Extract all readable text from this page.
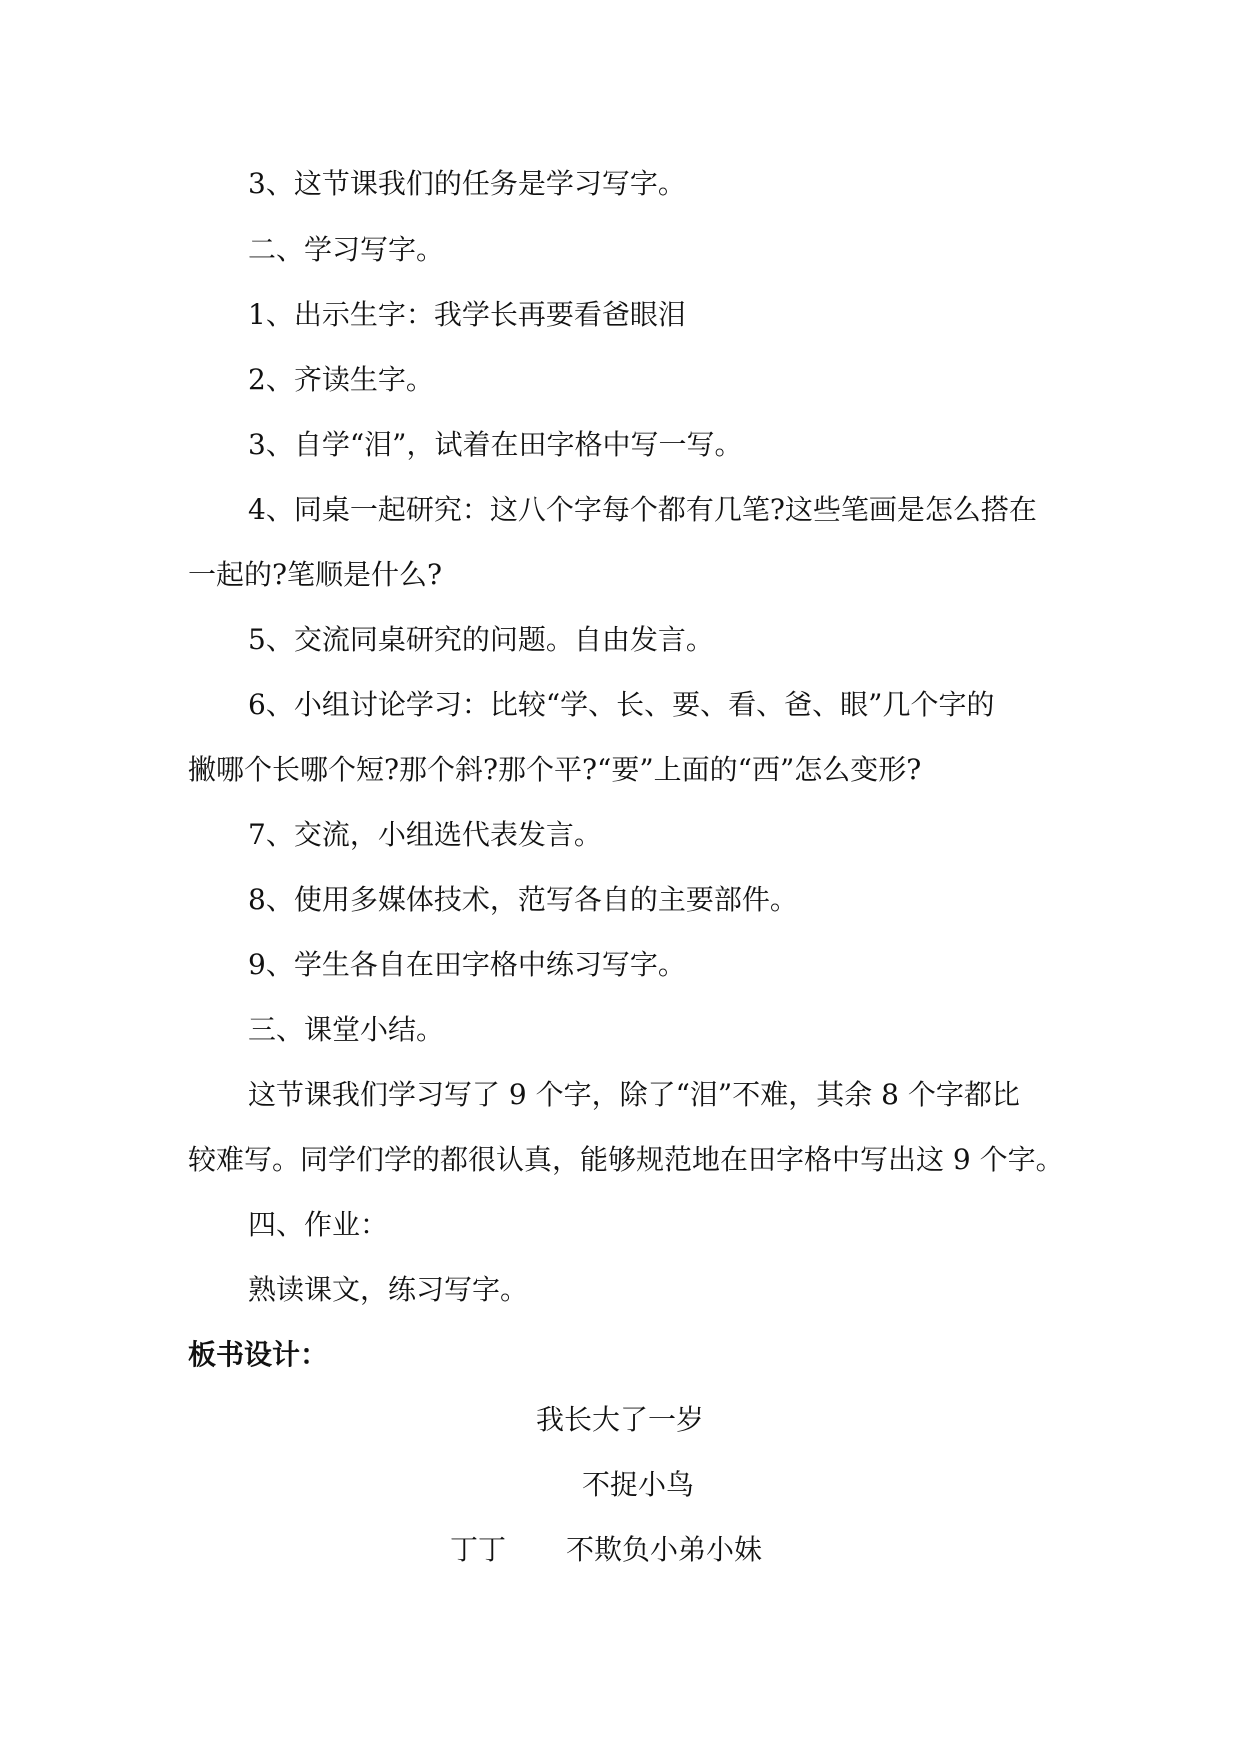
3、这节课我们的任务是学习写字。
二、学习写字。
1、出示生字：我学长再要看爸眼泪
2、齐读生字。
3、自学“泪”，试着在田字格中写一写。
4、同桌一起研究：这八个字每个都有几笔?这些笔画是怎么搭在
一起的?笔顺是什么?
5、交流同桌研究的问题。自由发言。
6、小组讨论学习：比较“学、长、要、看、爸、眼”几个字的
撇哪个长哪个短?那个斜?那个平?“要”上面的“西”怎么变形?
7、交流，小组选代表发言。
8、使用多媒体技术，范写各自的主要部件。
9、学生各自在田字格中练习写字。
三、课堂小结。
这节课我们学习写了 9 个字，除了“泪”不难，其余 8 个字都比
较难写。同学们学的都很认真，能够规范地在田字格中写出这 9 个字。
四、作业：
熟读课文，练习写字。
板书设计：
我长大了一岁
不捉小鸟
丁丁 不欺负小弟小妹
